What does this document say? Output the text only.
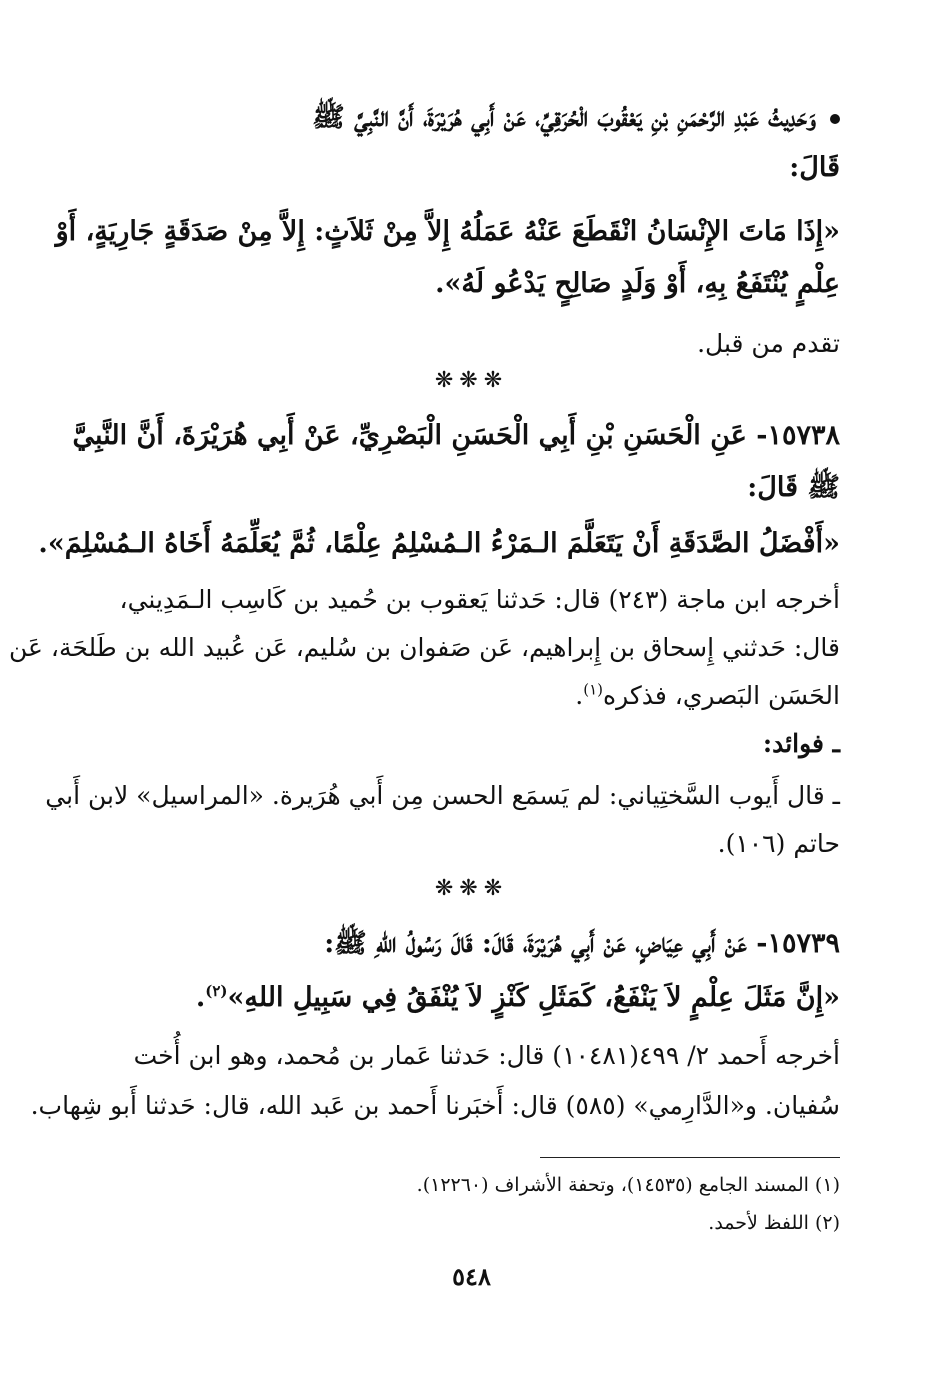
وَحَدِيثُ عَبْدِ الرَّحْمَنِ بْنِ يَعْقُوبَ الْحُرَقِيِّ، عَنْ أَبِي هُرَيْرَةَ، أَنَّ النَّبِيَّ ﷺ
قَالَ:
«إِذَا مَاتَ الإِنْسَانُ انْقَطَعَ عَنْهُ عَمَلُهُ إِلاَّ مِنْ ثَلاَثٍ: إِلاَّ مِنْ صَدَقَةٍ جَارِيَةٍ، أَوْ
عِلْمٍ يُنْتَفَعُ بِهِ، أَوْ وَلَدٍ صَالِحٍ يَدْعُو لَهُ».
تقدم من قبل.
❋❋❋
١٥٧٣٨- عَنِ الْحَسَنِ بْنِ أَبِي الْحَسَنِ الْبَصْرِيِّ، عَنْ أَبِي هُرَيْرَةَ، أَنَّ النَّبِيَّ
ﷺ قَالَ:
«أَفْضَلُ الصَّدَقَةِ أَنْ يَتَعَلَّمَ الـمَرْءُ الـمُسْلِمُ عِلْمًا، ثُمَّ يُعَلِّمَهُ أَخَاهُ الـمُسْلِمَ».
أخرجه ابن ماجة (٢٤٣) قال: حَدثنا يَعقوب بن حُميد بن كَاسِب الـمَدِيني،
قال: حَدثني إِسحاق بن إِبراهيم، عَن صَفوان بن سُليم، عَن عُبيد الله بن طَلحَة، عَن
الحَسَن البَصري، فذكره$^{(١)}$.
ـ فوائد:
ـ قال أَيوب السَّختِياني: لم يَسمَع الحسن مِن أَبي هُرَيرة. «المراسيل» لابن أَبي
حاتم (١٠٦).
❋❋❋
١٥٧٣٩- عَنْ أَبِي عِيَاضٍ، عَنْ أَبِي هُرَيْرَةَ، قَالَ: قَالَ رَسُولُ اللهِ ﷺ:
«إِنَّ مَثَلَ عِلْمٍ لاَ يَنْفَعُ، كَمَثَلِ كَنْزٍ لاَ يُنْفَقُ فِي سَبِيلِ اللهِ»$^{(٢)}$.
أخرجه أَحمد ٢/ ٤٩٩(١٠٤٨١) قال: حَدثنا عَمار بن مُحمد، وهو ابن أُخت
سُفيان. و«الدَّارِمي» (٥٨٥) قال: أَخبَرنا أَحمد بن عَبد الله، قال: حَدثنا أَبو شِهاب.
(١) المسند الجامع (١٤٥٣٥)، وتحفة الأشراف (١٢٢٦٠).
(٢) اللفظ لأحمد.
٥٤٨
